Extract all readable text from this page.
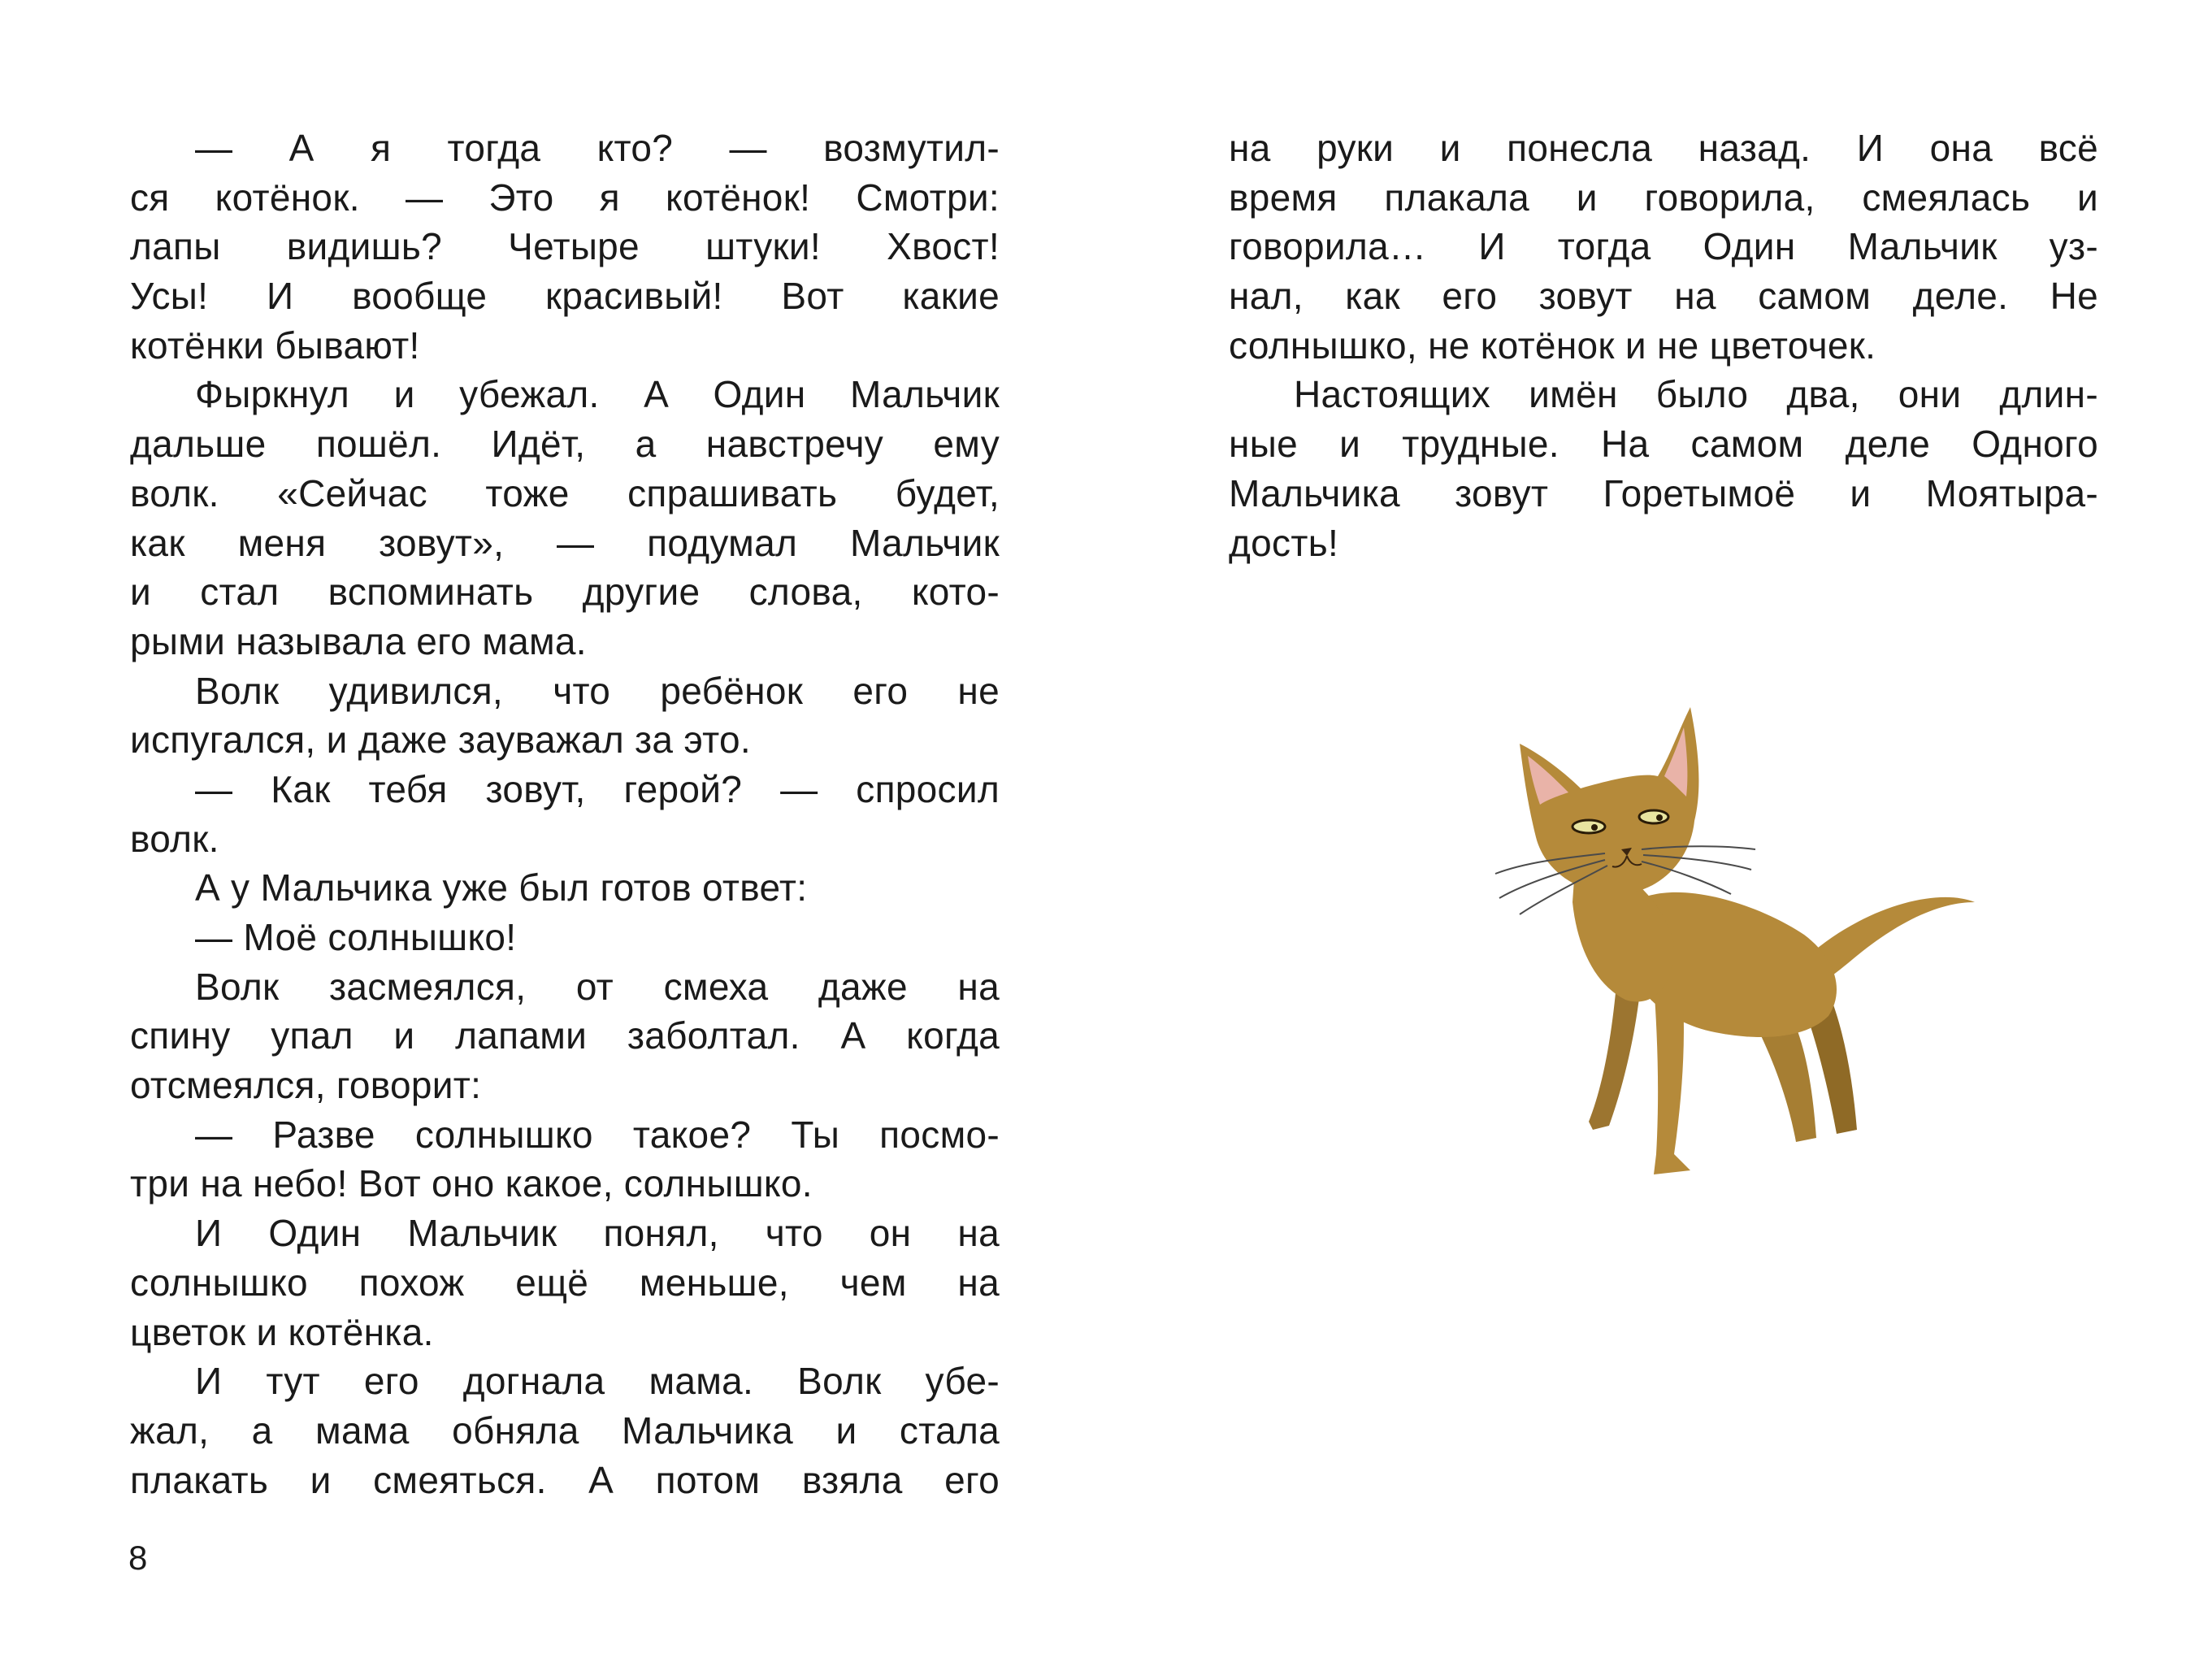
— А я тогда кто? — возмутил-
ся котёнок. — Это я котёнок! Смотри:
лапы видишь? Четыре штуки! Хвост!
Усы! И вообще красивый! Вот какие
котёнки бывают!
Фыркнул и убежал. А Один Мальчик
дальше пошёл. Идёт, а навстречу ему
волк. «Сейчас тоже спрашивать будет,
как меня зовут», — подумал Мальчик
и стал вспоминать другие слова, кото-
рыми называла его мама.
Волк удивился, что ребёнок его не
испугался, и даже зауважал за это.
— Как тебя зовут, герой? — спросил
волк.
А у Мальчика уже был готов ответ:
— Моё солнышко!
Волк засмеялся, от смеха даже на
спину упал и лапами заболтал. А когда
отсмеялся, говорит:
— Разве солнышко такое? Ты посмо-
три на небо! Вот оно какое, солнышко.
И Один Мальчик понял, что он на
солнышко похож ещё меньше, чем на
цветок и котёнка.
И тут его догнала мама. Волк убе-
жал, а мама обняла Мальчика и стала
плакать и смеяться. А потом взяла его
на руки и понесла назад. И она всё
время плакала и говорила, смеялась и
говорила… И тогда Один Мальчик уз-
нал, как его зовут на самом деле. Не
солнышко, не котёнок и не цветочек.
Настоящих имён было два, они длин-
ные и трудные. На самом деле Одного
Мальчика зовут Горетымоё и Моятыра-
дость!
8
